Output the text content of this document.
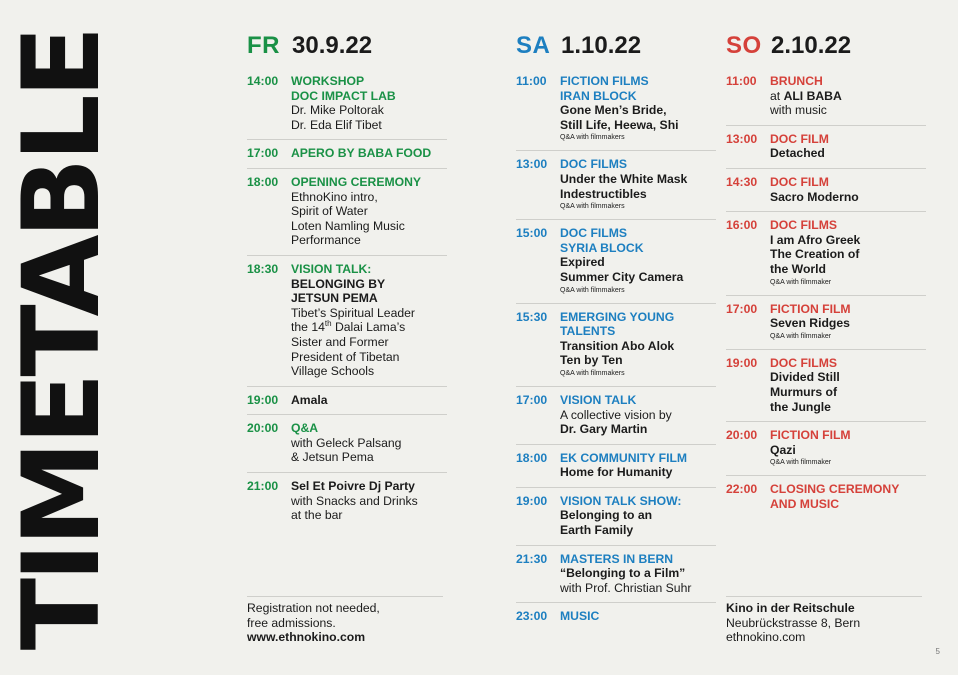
TIMETABLE	FR 30.9.22
14:00	WORKSHOP
DOC IMPACT LAB
Dr. Mike Poltorak
Dr. Eda Elif Tibet
17:00	APERO BY BABA FOOD
18:00	OPENING CEREMONY
EthnoKino intro,
Spirit of Water
Loten Namling Music
Performance
18:30	VISION TALK:
BELONGING BY
JETSUN PEMA
Tibet’s Spiritual Leader
the 14th Dalai Lama’s
Sister and Former
President of Tibetan
Village Schools
19:00	Amala
20:00	Q&A
with Geleck Palsang
& Jetsun Pema
21:00	Sel Et Poivre Dj Party
with Snacks and Drinks
at the bar
SA 1.10.22
11:00	FICTION FILMS
IRAN BLOCK
Gone Men’s Bride,
Still Life, Heewa, Shi
Q&A with filmmakers
13:00	DOC FILMS
Under the White Mask
Indestructibles
Q&A with filmmakers
15:00	DOC FILMS
SYRIA BLOCK
Expired
Summer City Camera
Q&A with filmmakers
15:30	EMERGING YOUNG
TALENTS
Transition Abo Alok
Ten by Ten
Q&A with filmmakers
17:00	VISION TALK
A collective vision by
Dr. Gary Martin
18:00	EK COMMUNITY FILM
Home for Humanity
19:00	VISION TALK SHOW:
Belonging to an
Earth Family
21:30	MASTERS IN BERN
“Belonging to a Film”
with Prof. Christian Suhr
23:00	MUSIC
SO 2.10.22
11:00	BRUNCH
at ALI BABA
with music
13:00	DOC FILM
Detached
14:30	DOC FILM
Sacro Moderno
16:00	DOC FILMS
I am Afro Greek
The Creation of
the World
Q&A with filmmaker
17:00	FICTION FILM
Seven Ridges
Q&A with filmmaker
19:00	DOC FILMS
Divided Still
Murmurs of
the Jungle
20:00	FICTION FILM
Qazi
Q&A with filmmaker
22:00	CLOSING CEREMONY
AND MUSIC
Registration not needed,
free admissions.
www.ethnokino.com
Kino in der Reitschule
Neubrückstrasse 8, Bern
ethnokino.com
5
